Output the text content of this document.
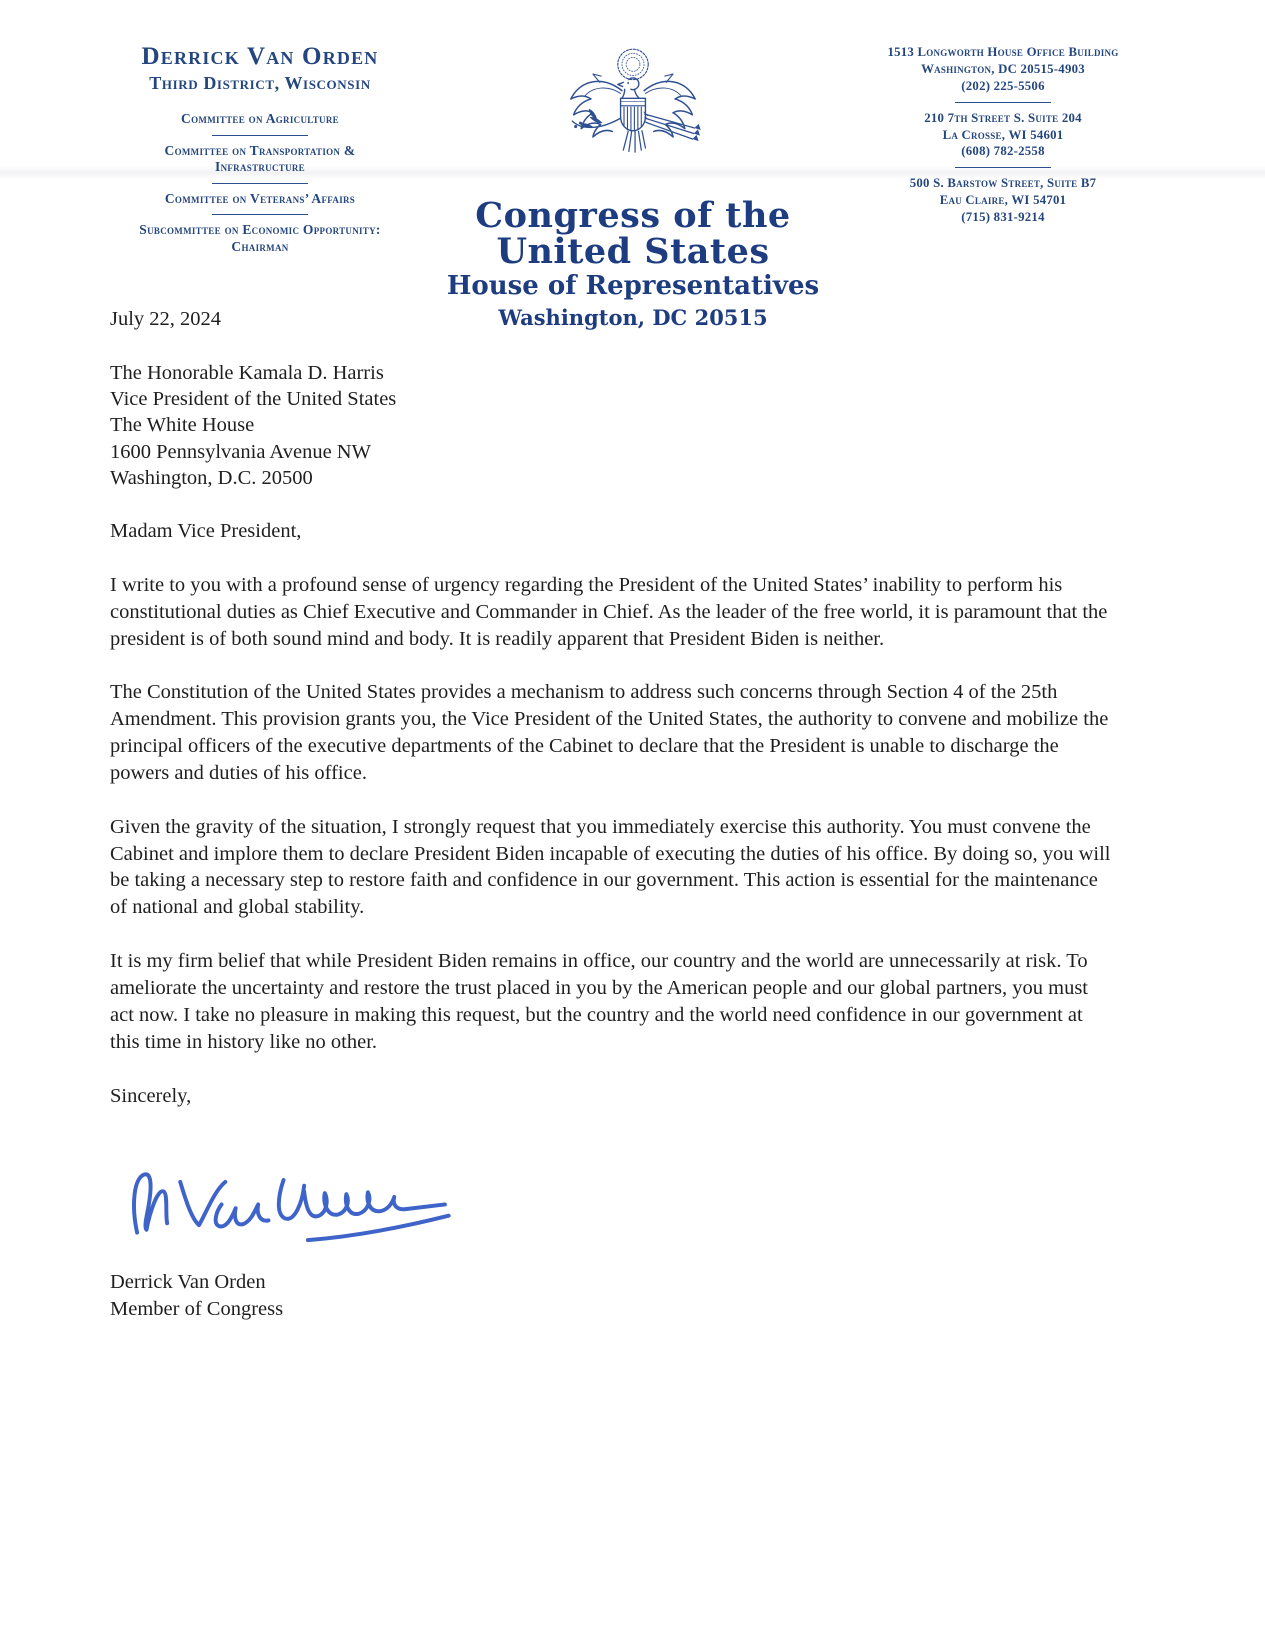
Derrick Van Orden
Third District, Wisconsin
Committee on Agriculture
Committee on Transportation & Infrastructure
Committee on Veterans’ Affairs
Subcommittee on Economic Opportunity: Chairman
Congress of the United States
House of Representatives
Washington, DC 20515
1513 Longworth House Office Building
Washington, DC 20515-4903
(202) 225-5506
210 7th Street S. Suite 204
La Crosse, WI 54601
(608) 782-2558
500 S. Barstow Street, Suite B7
Eau Claire, WI 54701
(715) 831-9214
July 22, 2024
The Honorable Kamala D. Harris
Vice President of the United States
The White House
1600 Pennsylvania Avenue NW
Washington, D.C. 20500
Madam Vice President,

I write to you with a profound sense of urgency regarding the President of the United States’ inability to perform his constitutional duties as Chief Executive and Commander in Chief. As the leader of the free world, it is paramount that the president is of both sound mind and body. It is readily apparent that President Biden is neither.

The Constitution of the United States provides a mechanism to address such concerns through Section 4 of the 25th Amendment. This provision grants you, the Vice President of the United States, the authority to convene and mobilize the principal officers of the executive departments of the Cabinet to declare that the President is unable to discharge the powers and duties of his office.

Given the gravity of the situation, I strongly request that you immediately exercise this authority. You must convene the Cabinet and implore them to declare President Biden incapable of executing the duties of his office. By doing so, you will be taking a necessary step to restore faith and confidence in our government. This action is essential for the maintenance of national and global stability.

It is my firm belief that while President Biden remains in office, our country and the world are unnecessarily at risk. To ameliorate the uncertainty and restore the trust placed in you by the American people and our global partners, you must act now. I take no pleasure in making this request, but the country and the world need confidence in our government at this time in history like no other.

Sincerely,
Derrick Van Orden
Member of Congress
